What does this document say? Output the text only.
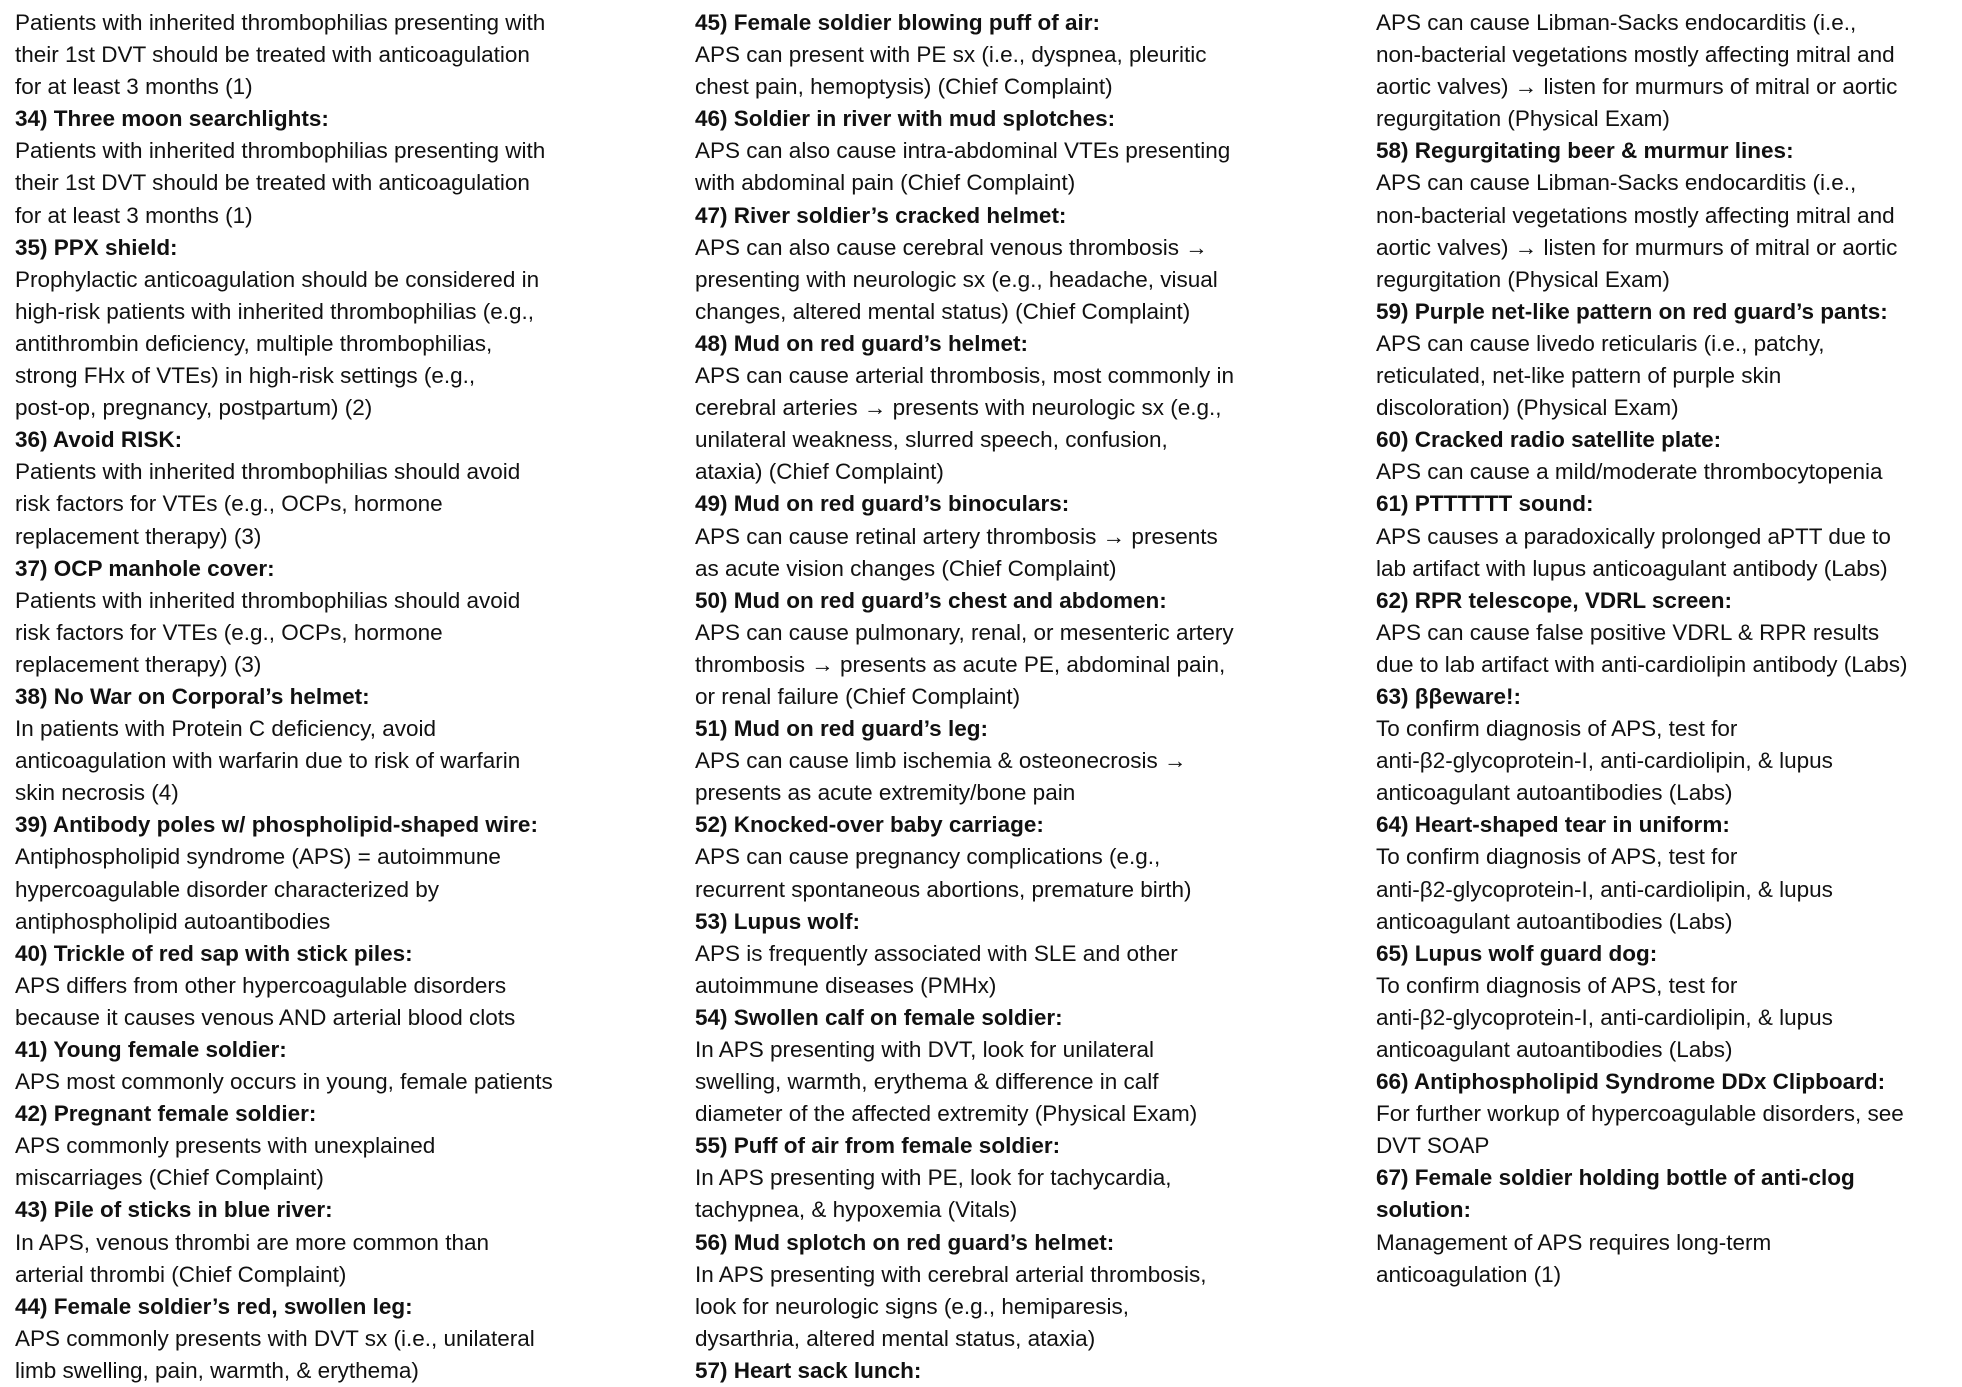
Patients with inherited thrombophilias presenting with
their 1st DVT should be treated with anticoagulation
for at least 3 months (1)
34) Three moon searchlights:
Patients with inherited thrombophilias presenting with
their 1st DVT should be treated with anticoagulation
for at least 3 months (1)
35) PPX shield:
Prophylactic anticoagulation should be considered in
high-risk patients with inherited thrombophilias (e.g.,
antithrombin deficiency, multiple thrombophilias,
strong FHx of VTEs) in high-risk settings (e.g.,
post-op, pregnancy, postpartum) (2)
36) Avoid RISK:
Patients with inherited thrombophilias should avoid
risk factors for VTEs (e.g., OCPs, hormone
replacement therapy) (3)
37) OCP manhole cover:
Patients with inherited thrombophilias should avoid
risk factors for VTEs (e.g., OCPs, hormone
replacement therapy) (3)
38) No War on Corporal’s helmet:
In patients with Protein C deficiency, avoid
anticoagulation with warfarin due to risk of warfarin
skin necrosis (4)
39) Antibody poles w/ phospholipid-shaped wire:
Antiphospholipid syndrome (APS) = autoimmune
hypercoagulable disorder characterized by
antiphospholipid autoantibodies
40) Trickle of red sap with stick piles:
APS differs from other hypercoagulable disorders
because it causes venous AND arterial blood clots
41) Young female soldier:
APS most commonly occurs in young, female patients
42) Pregnant female soldier:
APS commonly presents with unexplained
miscarriages (Chief Complaint)
43) Pile of sticks in blue river:
In APS, venous thrombi are more common than
arterial thrombi (Chief Complaint)
44) Female soldier’s red, swollen leg:
APS commonly presents with DVT sx (i.e., unilateral
limb swelling, pain, warmth, & erythema)
45) Female soldier blowing puff of air:
APS can present with PE sx (i.e., dyspnea, pleuritic
chest pain, hemoptysis) (Chief Complaint)
46) Soldier in river with mud splotches:
APS can also cause intra-abdominal VTEs presenting
with abdominal pain (Chief Complaint)
47) River soldier’s cracked helmet:
APS can also cause cerebral venous thrombosis →
presenting with neurologic sx (e.g., headache, visual
changes, altered mental status) (Chief Complaint)
48) Mud on red guard’s helmet:
APS can cause arterial thrombosis, most commonly in
cerebral arteries → presents with neurologic sx (e.g.,
unilateral weakness, slurred speech, confusion,
ataxia) (Chief Complaint)
49) Mud on red guard’s binoculars:
APS can cause retinal artery thrombosis → presents
as acute vision changes (Chief Complaint)
50) Mud on red guard’s chest and abdomen:
APS can cause pulmonary, renal, or mesenteric artery
thrombosis → presents as acute PE, abdominal pain,
or renal failure (Chief Complaint)
51) Mud on red guard’s leg:
APS can cause limb ischemia & osteonecrosis →
presents as acute extremity/bone pain
52) Knocked-over baby carriage:
APS can cause pregnancy complications (e.g.,
recurrent spontaneous abortions, premature birth)
53) Lupus wolf:
APS is frequently associated with SLE and other
autoimmune diseases (PMHx)
54) Swollen calf on female soldier:
In APS presenting with DVT, look for unilateral
swelling, warmth, erythema & difference in calf
diameter of the affected extremity (Physical Exam)
55) Puff of air from female soldier:
In APS presenting with PE, look for tachycardia,
tachypnea, & hypoxemia (Vitals)
56) Mud splotch on red guard’s helmet:
In APS presenting with cerebral arterial thrombosis,
look for neurologic signs (e.g., hemiparesis,
dysarthria, altered mental status, ataxia)
57) Heart sack lunch:
APS can cause Libman-Sacks endocarditis (i.e.,
non-bacterial vegetations mostly affecting mitral and
aortic valves) → listen for murmurs of mitral or aortic
regurgitation (Physical Exam)
58) Regurgitating beer & murmur lines:
APS can cause Libman-Sacks endocarditis (i.e.,
non-bacterial vegetations mostly affecting mitral and
aortic valves) → listen for murmurs of mitral or aortic
regurgitation (Physical Exam)
59) Purple net-like pattern on red guard’s pants:
APS can cause livedo reticularis (i.e., patchy,
reticulated, net-like pattern of purple skin
discoloration) (Physical Exam)
60) Cracked radio satellite plate:
APS can cause a mild/moderate thrombocytopenia
61) PTTTTTT sound:
APS causes a paradoxically prolonged aPTT due to
lab artifact with lupus anticoagulant antibody (Labs)
62) RPR telescope, VDRL screen:
APS can cause false positive VDRL & RPR results
due to lab artifact with anti-cardiolipin antibody (Labs)
63) ββeware!:
To confirm diagnosis of APS, test for
anti-β2-glycoprotein-I, anti-cardiolipin, & lupus
anticoagulant autoantibodies (Labs)
64) Heart-shaped tear in uniform:
To confirm diagnosis of APS, test for
anti-β2-glycoprotein-I, anti-cardiolipin, & lupus
anticoagulant autoantibodies (Labs)
65) Lupus wolf guard dog:
To confirm diagnosis of APS, test for
anti-β2-glycoprotein-I, anti-cardiolipin, & lupus
anticoagulant autoantibodies (Labs)
66) Antiphospholipid Syndrome DDx Clipboard:
For further workup of hypercoagulable disorders, see
DVT SOAP
67) Female soldier holding bottle of anti-clog
solution:
Management of APS requires long-term
anticoagulation (1)
